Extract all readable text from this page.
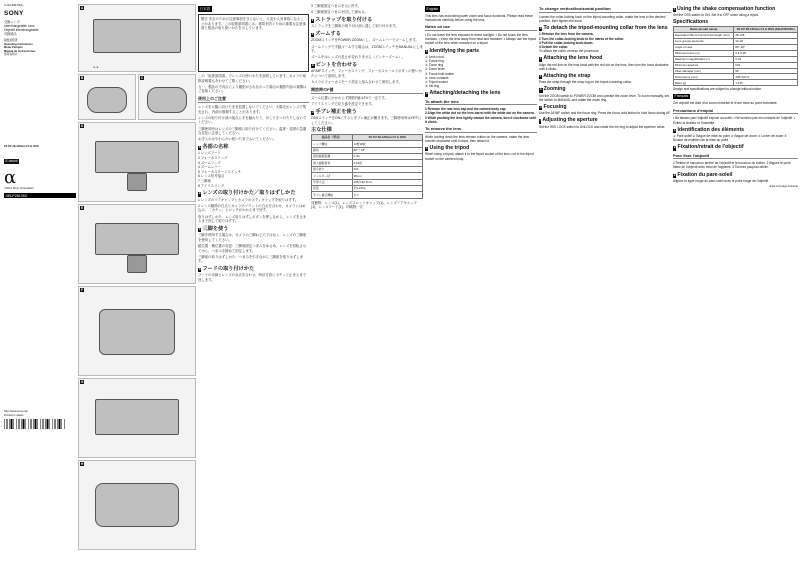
4-142-999-53(1)
SONY
交換レンズ
Interchangeable Lens
Objectif interchangeable
可换镜头
取扱説明書
Operating Instructions
Mode d'emploi
Manual de instrucciones
使用说明书
FE PZ 28-135mm F4 G OSS
E-mount
α
©2014 Sony Corporation
SELP28135G
http://www.sony.net/
Printed in Japan
A
①-③
B	C
D
E
F
G
H
日本語

警告 安全のための注意事項を守らないと、火災や人身事故になることがあります。この取扱説明書には、事故を防ぐための重要な注意事項と製品の取り扱いかたを示しています。

この「取扱説明書」でレンズの使いかたを説明しています。カメラの取扱説明書もあわせてご覧ください。

万一、製品の不具合により撮影がされなかった場合の撮影内容の補償はご容赦ください。

使用上のご注意

レンズを太陽に向けたまま放置しないでください。太陽光がレンズで集光され、内部が損傷することがあります。

レンズの取り付け部の接点に手を触れたり、ほこりをつけたりしないでください。

三脚使用時はレンズの三脚座に取り付けてください。温度・湿度の急激な変化に注意してください。

お手入れはやわらかい乾いた布でふいてください。

A 各部の名称
1 レンズフード
2 フォーカスリング
3 ズームリング
4 ズームレバー
5 フォーカスモードスイッチ
6 レンズ信号接点
7 三脚座
8 アイリスリング
B レンズの取り付けかた／取りはずしかた

1 レンズのリアキャップとカメラのボディキャップを取りはずす。

2 レンズ鏡筒の白点とカメラのマウントの白点を合わせ、カメラにはめ込み、「カチッ」とロックがかかるまで回す。

取りはずしかた：レンズ取りはずしボタンを押しながら、レンズを止まるまで回して取りはずす。

C 三脚を使う

三脚を使用する場合は、カメラの三脚ねじ穴ではなく、レンズの三脚座を使用してください。

縦位置・横位置の変更：三脚座固定つまみをゆるめ、レンズを回転させてから、つまみを締めて固定します。

三脚座の取りはずしかた：つまみを引きながら三脚座を取りはずします。

D フードの取り付けかた

フードの赤線とレンズの赤点を合わせ、時計方向にカチッと止まるまで回します。

3 三脚座固定つまみを元に戻す。

4 三脚座固定つまみを回して締める。

E ストラップを取り付ける

ストラップを三脚座の取り付け部に通して取り付けます。

F ズームする

ZOOMスイッチをPOWER ZOOMにし、ズームレバーでズームします。

ズームリングで手動ズームする場合は、ZOOMスイッチをMANUALにします。

ズーム中はレンズの長さが変わりません（インナーズーム）。

G ピントを合わせる

AF/MFスイッチ、フォーカスリング、フォーカスホールドボタンの使いかたについて説明します。

カメラのフォーカスモード設定と組み合わせて使用します。

開放時のF値

ズーム位置にかかわらず開放F値はF4で一定です。

アイリスリングで絞り値を設定できます。

H 手ブレ補正を使う

OSSスイッチをONにすると手ブレ補正が働きます。三脚使用時はOFFにしてください。

主な仕様
商品名（型名）	FE PZ 28-135mm F4 G OSS
レンズ構成	12群18枚
画角	80°～18°
最短撮影距離	0.4m
最大撮影倍率	0.16倍
最小絞り	f/22
フィルター径	95mm
外形寸法	105×162.5mm
質量	約1,215g
手ブレ補正機能	あり

同梱物：レンズ(1)、レンズフロントキャップ(1)、レンズリアキャップ(1)、レンズフード(1)、印刷物一式

English

This lens has motorized power zoom and focus functions. Please read these instructions carefully before using the lens.

Notes on use

• Do not leave the lens exposed to direct sunlight. • Do not touch the lens contacts. • Keep the lens away from heat and moisture. • Always use the tripod socket of the lens when mounted on a tripod.

A Identifying the parts
① Lens hood
② Focus ring
③ Zoom ring
④ Zoom lever
⑤ Focus hold button
⑥ Lens contacts
⑦ Tripod socket
⑧ Iris ring
B Attaching/detaching the lens
To attach the lens

1 Remove the rear lens cap and the camera body cap.

2 Align the white dot on the lens barrel with the white dot on the camera.

3 While pushing the lens lightly toward the camera, turn it clockwise until it clicks.

To remove the lens

While holding down the lens release button on the camera, rotate the lens counter-clockwise until it stops, then detach it.

C Using the tripod

When using a tripod, attach it to the tripod socket of the lens, not to the tripod socket on the camera body.

To change vertical/horizontal position

Loosen the collar-locking knob on the tripod-mounting collar, rotate the lens to the desired position, then tighten the knob.

D To detach the tripod-mounting collar from the lens

1 Remove the lens from the camera.

2 Turn the collar-locking knob to the marks of the collar.

3 Pull the collar-locking knob down.

4 Detach the collar.

To attach the collar, reverse the procedure.

E Attaching the lens hood

Align the red line on the lens hood with the red dot on the lens, then turn the hood clockwise until it clicks.

F Attaching the strap

Pass the strap through the strap lug on the tripod-mounting collar.

G Zooming

Set the ZOOM switch to POWER ZOOM and operate the zoom lever. To zoom manually, set the switch to MANUAL and rotate the zoom ring.

H Focusing

Use the AF/MF switch and the focus ring. Press the focus hold button to hold focus during AF.

I Adjusting the aperture

Set the IRIS LOCK switch to UNLOCK and rotate the iris ring to adjust the aperture value.

J Using the shake compensation function

Set the OSS switch to ON. Set it to OFF when using a tripod.

Specifications
Name (model name)	FE PZ 28-135mm F4 G OSS (SELP28135G)
Equivalent 35mm-format focal length (mm)	28-135
Lens groups-elements	12-18
Angle of view	80°-18°
Minimum focus (m)	0.4-0.95
Maximum magnification (×)	0.16
Minimum aperture	f/22
Filter diameter (mm)	95
Dimensions (mm)	105×162.5
Mass (g)	1,215

Design and specifications are subject to change without notice.

Français

Cet objectif est doté d'un zoom motorisé et d'une mise au point motorisée.

Précautions d'emploi

• Ne laissez pas l'objectif exposé au soleil. • Ne touchez pas les contacts de l'objectif. • Évitez la chaleur et l'humidité.

A Identification des éléments

① Pare-soleil ② Bague de mise au point ③ Bague de zoom ④ Levier de zoom ⑤ Bouton de maintien de la mise au point

B Fixation/retrait de l'objectif
Pour fixer l'objectif

1 Retirez le capuchon arrière de l'objectif et le bouchon du boîtier. 2 Alignez le point blanc de l'objectif avec celui de l'appareil. 3 Tournez jusqu'au déclic.

E Fixation du pare-soleil

Alignez la ligne rouge du pare-soleil avec le point rouge de l'objectif.

Suite à la page suivante
